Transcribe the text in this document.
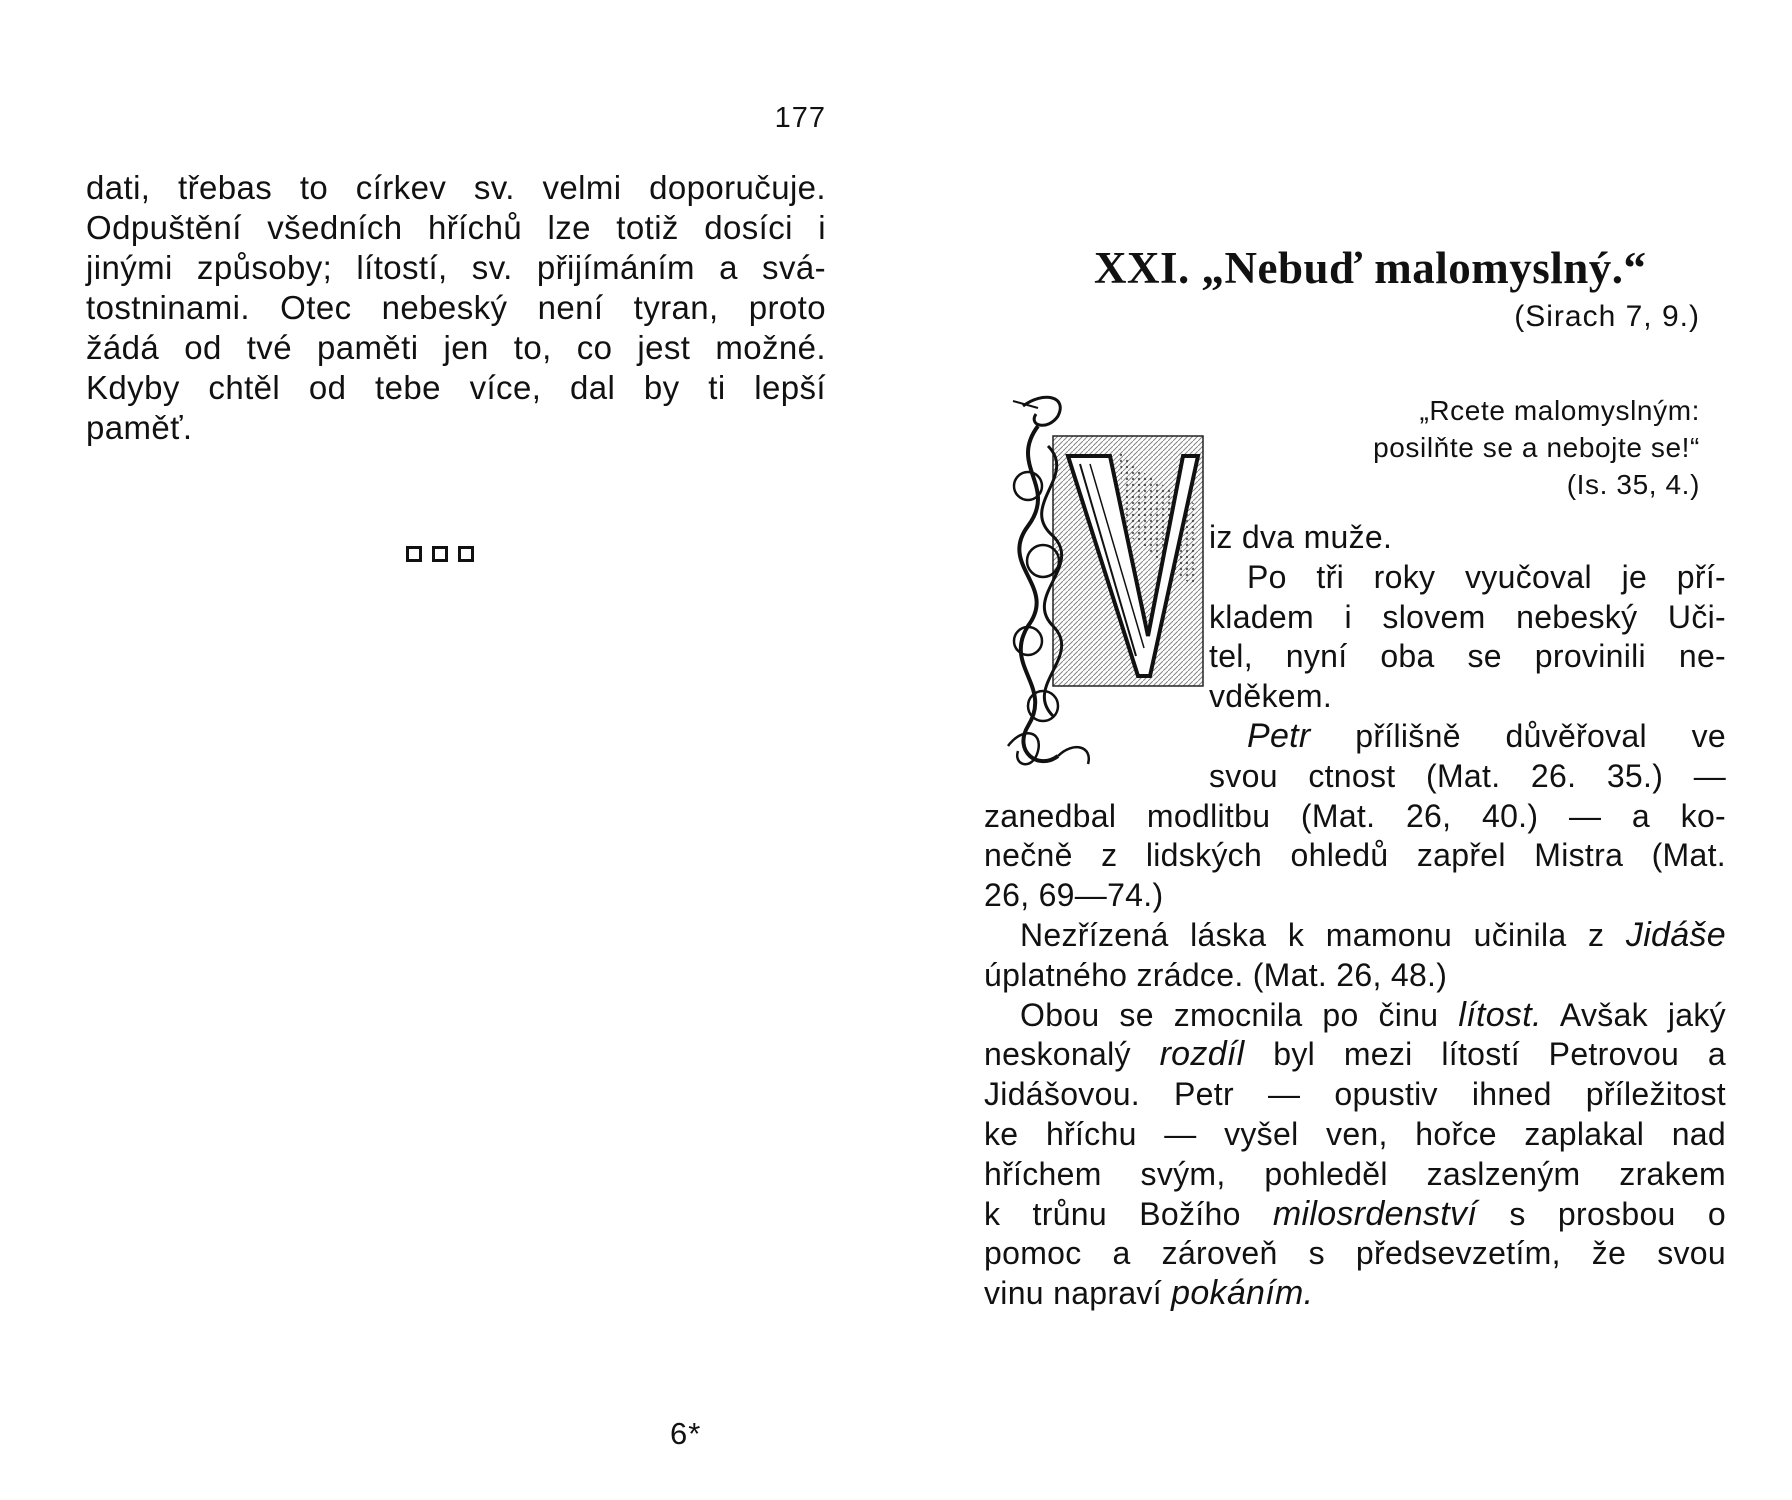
177
dati, třebas to církev sv. velmi doporučuje.
Odpuštění všedních hříchů lze totiž dosíci i
jinými způsoby; lítostí, sv. přijímáním a svá-
tostninami. Otec nebeský není tyran, proto
žádá od tvé paměti jen to, co jest možné.
Kdyby chtěl od tebe více, dal by ti lepší
paměť.
6*
XXI. „Nebuď malomyslný.“
(Sirach 7, 9.)
„Rcete malomyslným:
posilňte se a nebojte se!“
(Is. 35, 4.)
iz dva muže.
Po tři roky vyučoval je pří-
kladem i slovem nebeský Uči-
tel, nyní oba se provinili ne-
vděkem.
Petr přílišně důvěřoval ve
svou ctnost (Mat. 26. 35.) —
zanedbal modlitbu (Mat. 26, 40.) — a ko-
nečně z lidských ohledů zapřel Mistra (Mat.
26, 69—74.)
Nezřízená láska k mamonu učinila z Jidáše
úplatného zrádce. (Mat. 26, 48.)
Obou se zmocnila po činu lítost. Avšak jaký
neskonalý rozdíl byl mezi lítostí Petrovou a
Jidášovou. Petr — opustiv ihned příležitost
ke hříchu — vyšel ven, hořce zaplakal nad
hříchem svým, pohleděl zaslzeným zrakem
k trůnu Božího milosrdenství s prosbou o
pomoc a zároveň s předsevzetím, že svou
vinu napraví pokáním.
